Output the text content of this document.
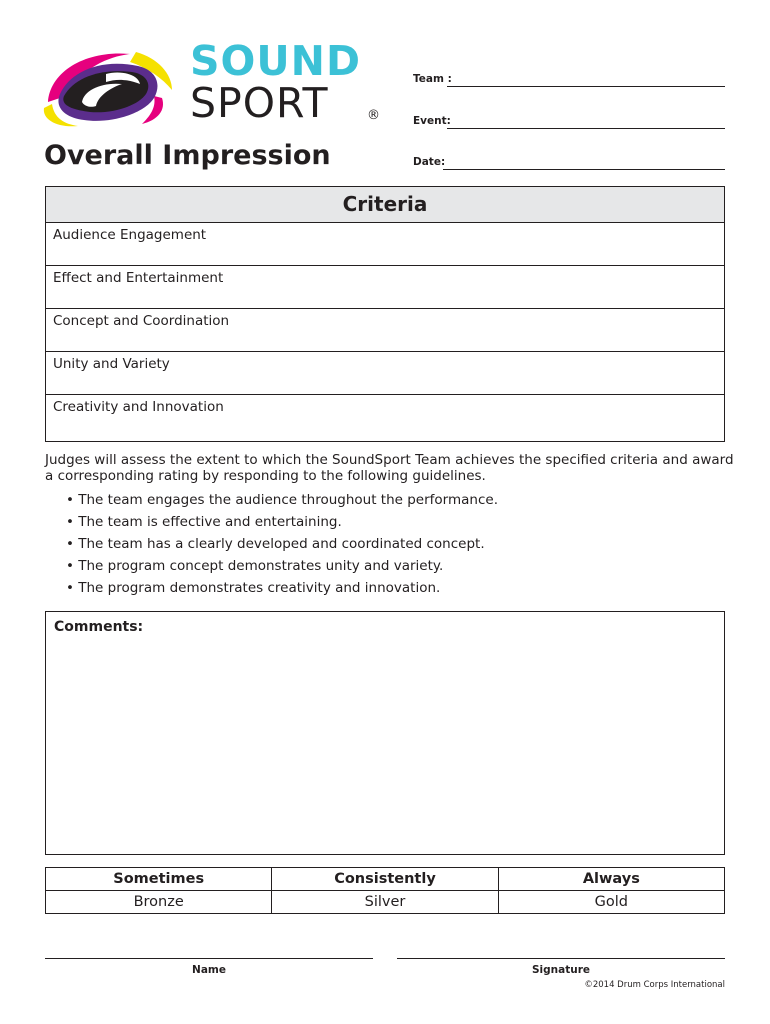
SOUND
SPORT	®
Overall Impression
Team :
Event:
Date:
Criteria
Audience Engagement
Effect and Entertainment
Concept and Coordination
Unity and Variety
Creativity and Innovation
Judges will assess the extent to which the SoundSport Team achieves the specified criteria and award a corresponding rating by responding to the following guidelines.
• The team engages the audience throughout the performance.
• The team is effective and entertaining.
• The team has a clearly developed and coordinated concept.
• The program concept demonstrates unity and variety.
• The program demonstrates creativity and innovation.
Comments:
Sometimes
Bronze
Consistently
Silver
Always
Gold
Name	Signature
©2014 Drum Corps International
